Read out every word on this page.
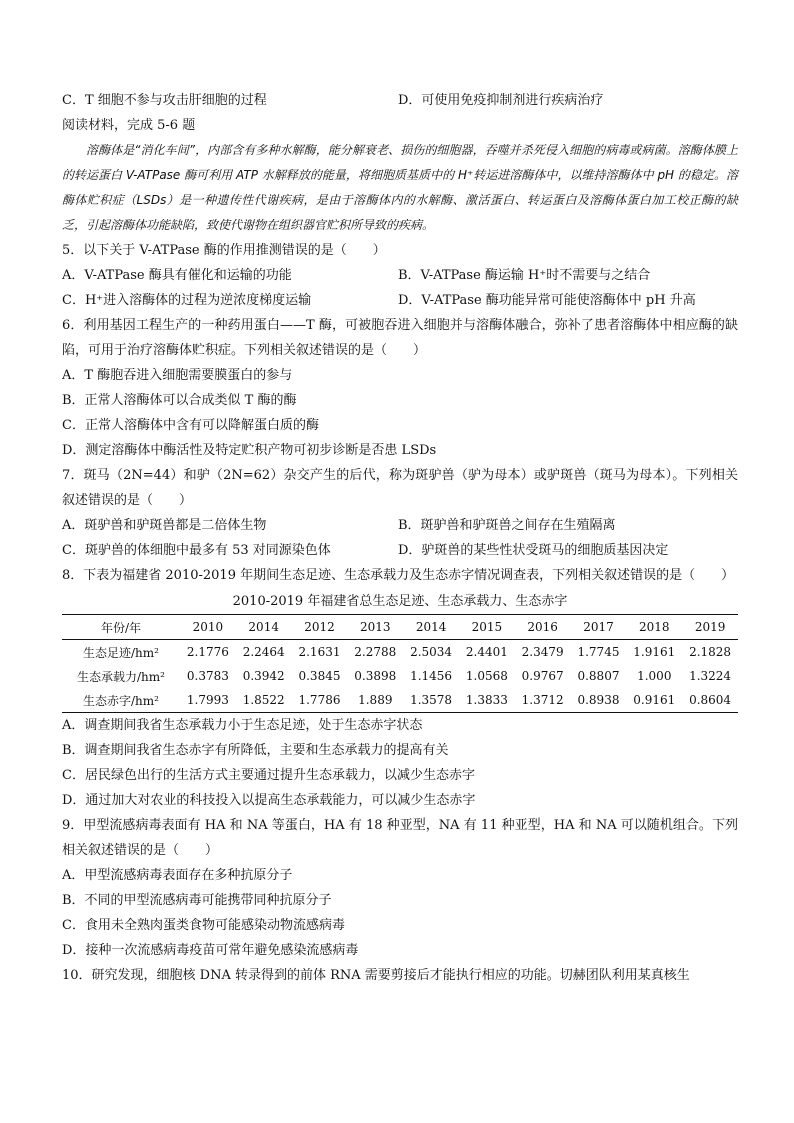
C．T 细胞不参与攻击肝细胞的过程	D．可使用免疫抑制剂进行疾病治疗
阅读材料，完成 5-6 题

溶酶体是“消化车间”，内部含有多种水解酶，能分解衰老、损伤的细胞器，吞噬并杀死侵入细胞的病毒或病菌。溶酶体膜上的转运蛋白 V-ATPase 酶可利用 ATP 水解释放的能量，将细胞质基质中的 H⁺转运进溶酶体中，以维持溶酶体中 pH 的稳定。溶酶体贮积症（LSDs）是一种遗传性代谢疾病，是由于溶酶体内的水解酶、激活蛋白、转运蛋白及溶酶体蛋白加工校正酶的缺乏，引起溶酶体功能缺陷，致使代谢物在组织器官贮积所导致的疾病。

5．以下关于 V-ATPase 酶的作用推测错误的是（　　）
A．V-ATPase 酶具有催化和运输的功能	B．V-ATPase 酶运输 H⁺时不需要与之结合
C．H⁺进入溶酶体的过程为逆浓度梯度运输	D．V-ATPase 酶功能异常可能使溶酶体中 pH 升高

6．利用基因工程生产的一种药用蛋白——T 酶，可被胞吞进入细胞并与溶酶体融合，弥补了患者溶酶体中相应酶的缺陷，可用于治疗溶酶体贮积症。下列相关叙述错误的是（　　）

A．T 酶胞吞进入细胞需要膜蛋白的参与
B．正常人溶酶体可以合成类似 T 酶的酶
C．正常人溶酶体中含有可以降解蛋白质的酶
D．测定溶酶体中酶活性及特定贮积产物可初步诊断是否患 LSDs

7．斑马（2N=44）和驴（2N=62）杂交产生的后代，称为斑驴兽（驴为母本）或驴斑兽（斑马为母本）。下列相关叙述错误的是（　　）

A．斑驴兽和驴斑兽都是二倍体生物	B．斑驴兽和驴斑兽之间存在生殖隔离
C．斑驴兽的体细胞中最多有 53 对同源染色体	D．驴斑兽的某些性状受斑马的细胞质基因决定

8．下表为福建省 2010-2019 年期间生态足迹、生态承载力及生态赤字情况调查表，下列相关叙述错误的是（　　）

2010-2019 年福建省总生态足迹、生态承载力、生态赤字
年份/年	2010	2014	2012	2013	2014	2015	2016	2017	2018	2019
生态足迹/hm²	2.1776	2.2464	2.1631	2.2788	2.5034	2.4401	2.3479	1.7745	1.9161	2.1828
生态承载力/hm²	0.3783	0.3942	0.3845	0.3898	1.1456	1.0568	0.9767	0.8807	1.000	1.3224
生态赤字/hm²	1.7993	1.8522	1.7786	1.889	1.3578	1.3833	1.3712	0.8938	0.9161	0.8604
A．调查期间我省生态承载力小于生态足迹，处于生态赤字状态
B．调查期间我省生态赤字有所降低，主要和生态承载力的提高有关
C．居民绿色出行的生活方式主要通过提升生态承载力，以减少生态赤字
D．通过加大对农业的科技投入以提高生态承载能力，可以减少生态赤字

9．甲型流感病毒表面有 HA 和 NA 等蛋白，HA 有 18 种亚型，NA 有 11 种亚型，HA 和 NA 可以随机组合。下列相关叙述错误的是（　　）

A．甲型流感病毒表面存在多种抗原分子
B．不同的甲型流感病毒可能携带同种抗原分子
C．食用未全熟肉蛋类食物可能感染动物流感病毒
D．接种一次流感病毒疫苗可常年避免感染流感病毒
10．研究发现，细胞核 DNA 转录得到的前体 RNA 需要剪接后才能执行相应的功能。切赫团队利用某真核生
